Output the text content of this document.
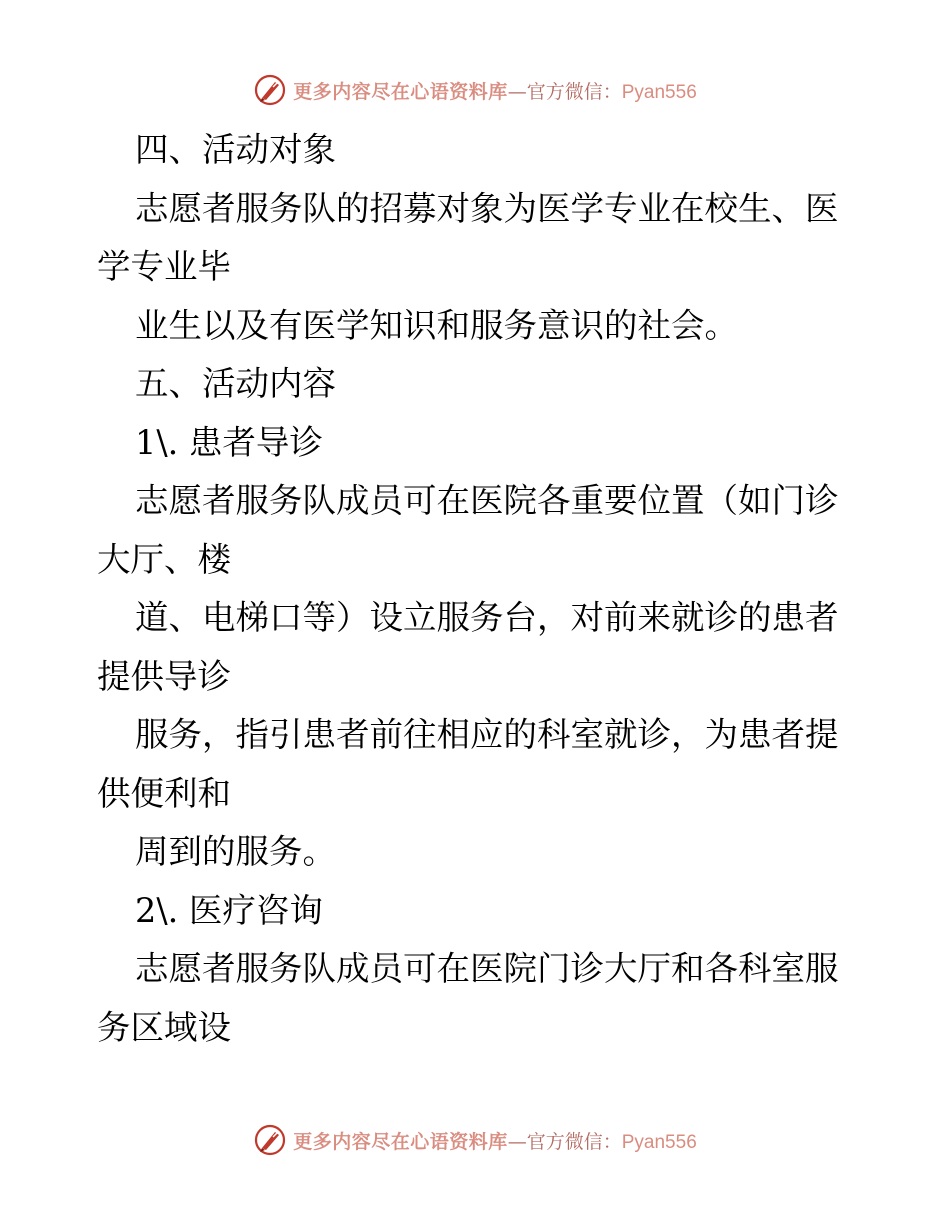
更多内容尽在心语资料库 — 官方微信： Pyan556
四、活动对象
志愿者服务队的招募对象为医学专业在校生、医
学专业毕
业生以及有医学知识和服务意识的社会。
五、活动内容
1\. 患者导诊
志愿者服务队成员可在医院各重要位置（如门诊
大厅、楼
道、电梯口等）设立服务台，对前来就诊的患者
提供导诊
服务，指引患者前往相应的科室就诊，为患者提
供便利和
周到的服务。
2\. 医疗咨询
志愿者服务队成员可在医院门诊大厅和各科室服
务区域设
更多内容尽在心语资料库 — 官方微信： Pyan556
